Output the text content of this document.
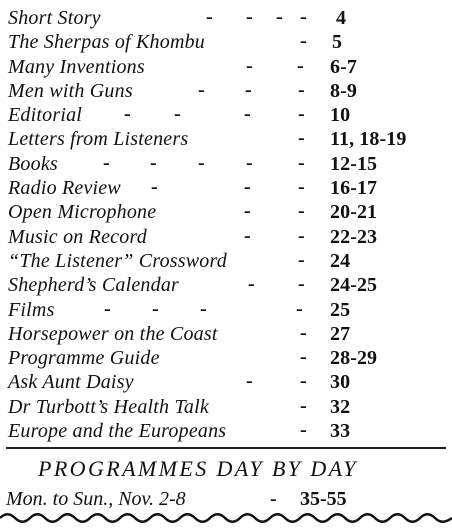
Short Story	- - - - 4
The Sherpas of Khombu	- 5
Many Inventions	- - 6-7
Men with Guns	- - - 8-9
Editorial - -	- - 10
Letters from Listeners	- 11, 18-19
Books - - - - - 12-15
Radio Review -	- - 16-17
Open Microphone	- - 20-21
Music on Record	- - 22-23
“The Listener” Crossword	- 24
Shepherd’s Calendar	- - 24-25
Films - - -	- 25
Horsepower on the Coast	- 27
Programme Guide	- 28-29
Ask Aunt Daisy	- - 30
Dr Turbott’s Health Talk	- 32
Europe and the Europeans	- 33
PROGRAMMES DAY BY DAY
Mon. to Sun., Nov. 2-8	- 35-55
